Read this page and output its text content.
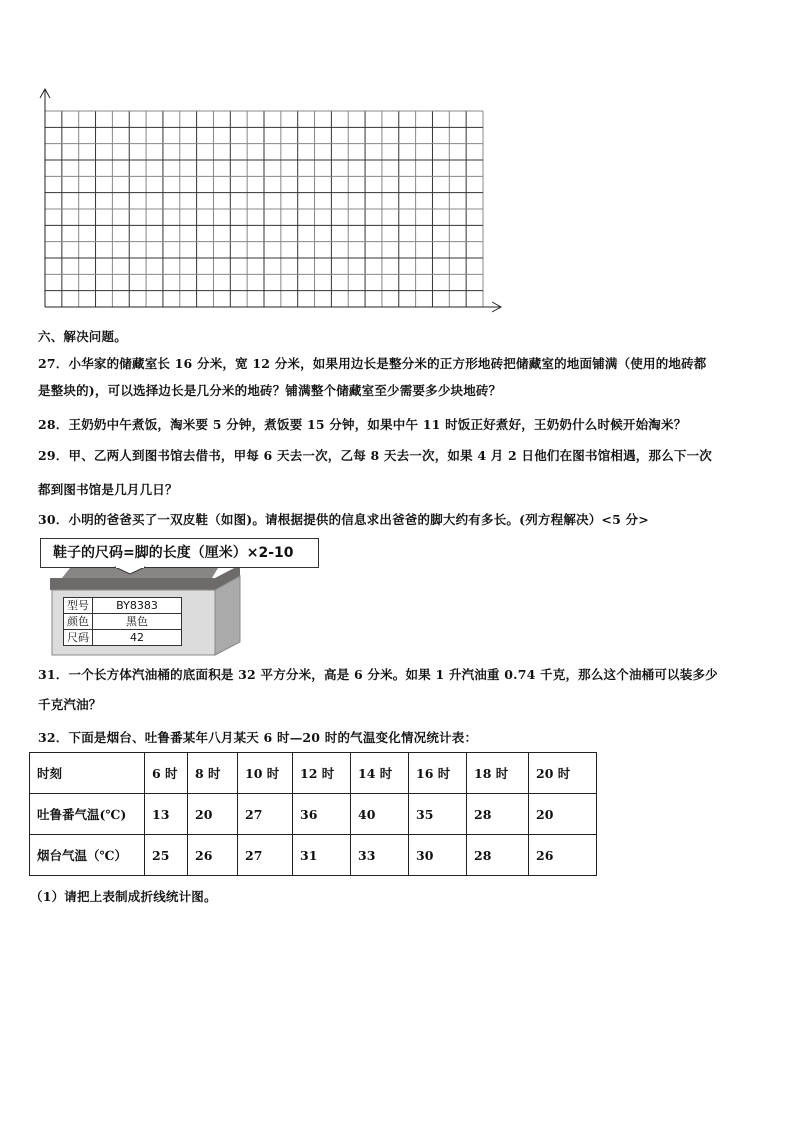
六、解决问题。
27．小华家的储藏室长 16 分米，宽 12 分米，如果用边长是整分米的正方形地砖把储藏室的地面铺满（使用的地砖都
是整块的)，可以选择边长是几分米的地砖？铺满整个储藏室至少需要多少块地砖？
28．王奶奶中午煮饭，淘米要 5 分钟，煮饭要 15 分钟，如果中午 11 时饭正好煮好，王奶奶什么时候开始淘米？
29．甲、乙两人到图书馆去借书，甲每 6 天去一次，乙每 8 天去一次，如果 4 月 2 日他们在图书馆相遇，那么下一次
都到图书馆是几月几日？
30．小明的爸爸买了一双皮鞋（如图)。请根据提供的信息求出爸爸的脚大约有多长。(列方程解决）<5 分>
鞋子的尺码=脚的长度（厘米）×2-10
型号	BY8383
颜色	黑色
尺码	42
31．一个长方体汽油桶的底面积是 32 平方分米，高是 6 分米。如果 1 升汽油重 0.74 千克，那么这个油桶可以装多少
千克汽油？
32．下面是烟台、吐鲁番某年八月某天 6 时—20 时的气温变化情况统计表：
时刻	6 时	8 时	10 时	12 时	14 时	16 时	18 时	20 时
吐鲁番气温(℃)	13	20	27	36	40	35	28	20
烟台气温（℃）	25	26	27	31	33	30	28	26
（1）请把上表制成折线统计图。
